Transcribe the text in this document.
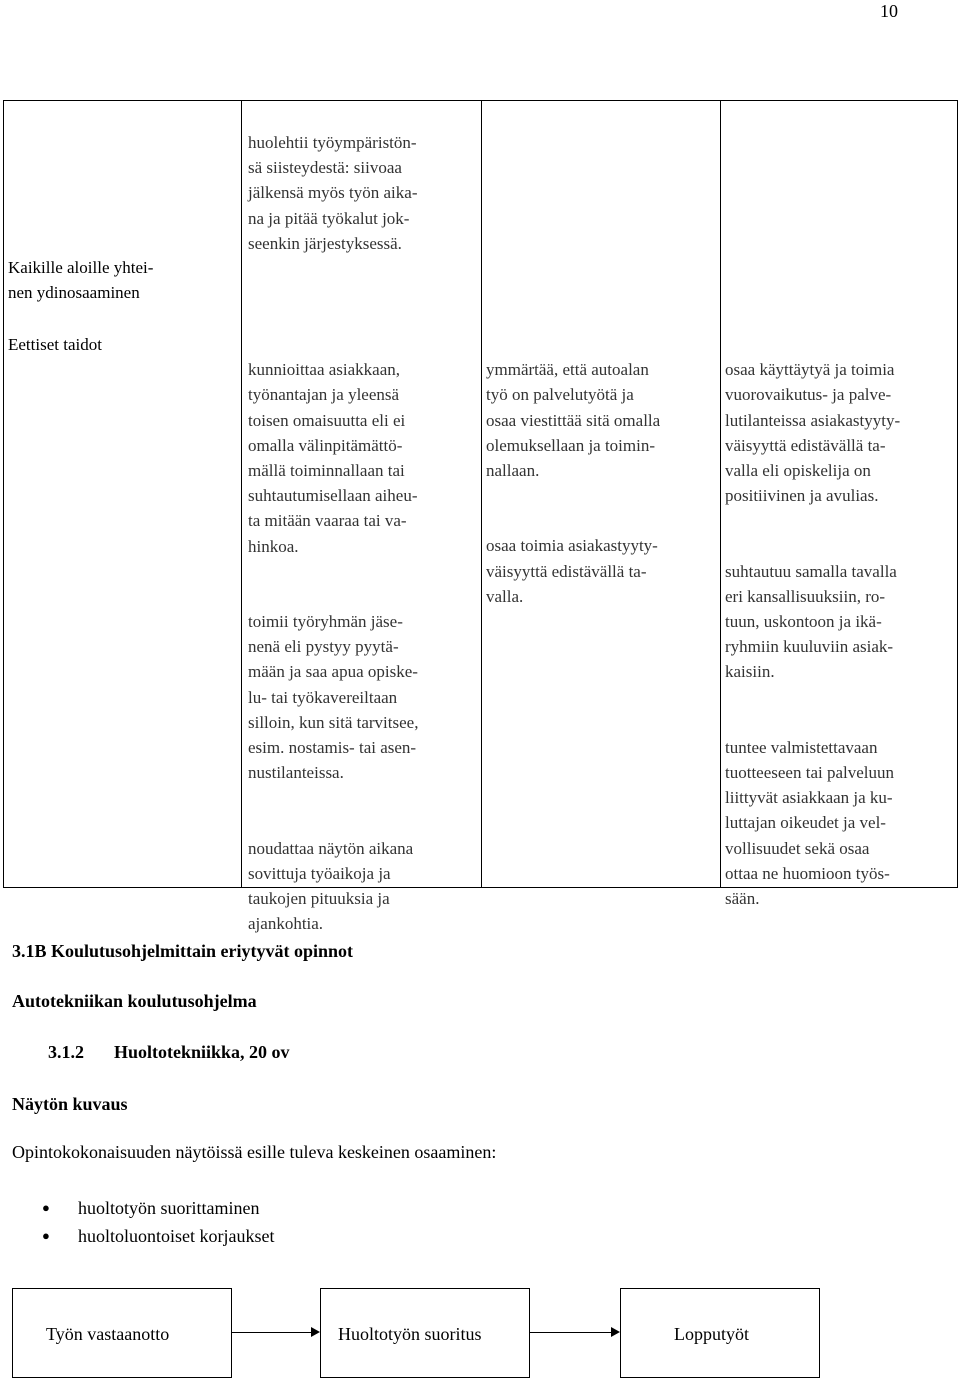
10
Kaikille aloille yhtei-
nen ydinosaaminen
huolehtii työympäristön-
sä siisteydestä: siivoaa
jälkensä myös työn aika-
na ja pitää työkalut jok-
seenkin järjestyksessä.
Eettiset taidot

kunnioittaa asiakkaan,
työnantajan ja yleensä
toisen omaisuutta eli ei
omalla välinpitämättö-
mällä toiminnallaan tai
suhtautumisellaan aiheu-
ta mitään vaaraa tai va-
hinkoa.

toimii työryhmän jäse-
nenä eli pystyy pyytä-
mään ja saa apua opiske-
lu- tai työkavereiltaan
silloin, kun sitä tarvitsee,
esim. nostamis- tai asen-
nustilanteissa.

noudattaa näytön aikana
sovittuja työaikoja ja
taukojen pituuksia ja
ajankohtia.

ymmärtää, että autoalan
työ on palvelutyötä ja
osaa viestittää sitä omalla
olemuksellaan ja toimin-
nallaan.

osaa toimia asiakastyyty-
väisyyttä edistävällä ta-
valla.

osaa käyttäytyä ja toimia
vuorovaikutus- ja palve-
lutilanteissa asiakastyyty-
väisyyttä edistävällä ta-
valla eli opiskelija on
positiivinen ja avulias.

suhtautuu samalla tavalla
eri kansallisuuksiin, ro-
tuun, uskontoon ja ikä-
ryhmiin kuuluviin asiak-
kaisiin.

tuntee valmistettavaan
tuotteeseen tai palveluun
liittyvät asiakkaan ja ku-
luttajan oikeudet ja vel-
vollisuudet sekä osaa
ottaa ne huomioon työs-
sään.

3.1B Koulutusohjelmittain eriytyvät opinnot
Autotekniikan koulutusohjelma
3.1.2 Huoltotekniikka, 20 ov
Näytön kuvaus
Opintokokonaisuuden näytöissä esille tuleva keskeinen osaaminen:
● huoltotyön suorittaminen
● huoltoluontoiset korjaukset
Työn vastaanotto	Huoltotyön suoritus	Lopputyöt
